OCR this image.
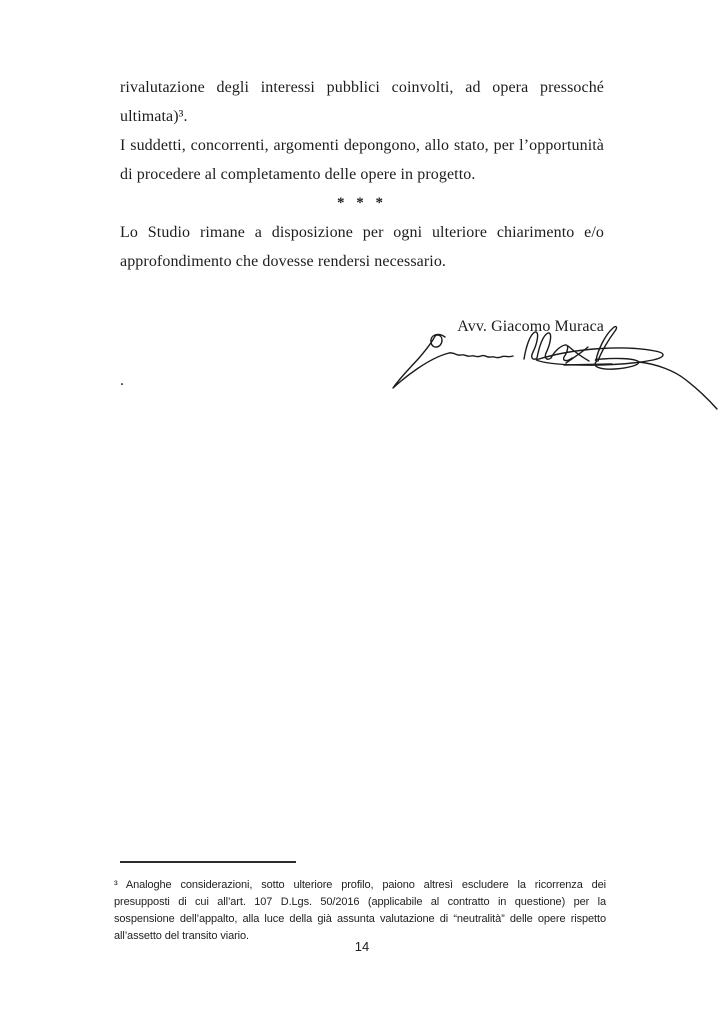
rivalutazione degli interessi pubblici coinvolti, ad opera pressoché
ultimata)³.
I suddetti, concorrenti, argomenti depongono, allo stato, per l’opportunità
di procedere al completamento delle opere in progetto.
* * *
Lo Studio rimane a disposizione per ogni ulteriore chiarimento e/o
approfondimento che dovesse rendersi necessario.
Avv. Giacomo Muraca
.
³ Analoghe considerazioni, sotto ulteriore profilo, paiono altresì escludere la ricorrenza dei
presupposti di cui all’art. 107 D.Lgs. 50/2016 (applicabile al contratto in questione) per la
sospensione dell’appalto, alla luce della già assunta valutazione di “neutralità” delle opere rispetto
all’assetto del transito viario.
14
